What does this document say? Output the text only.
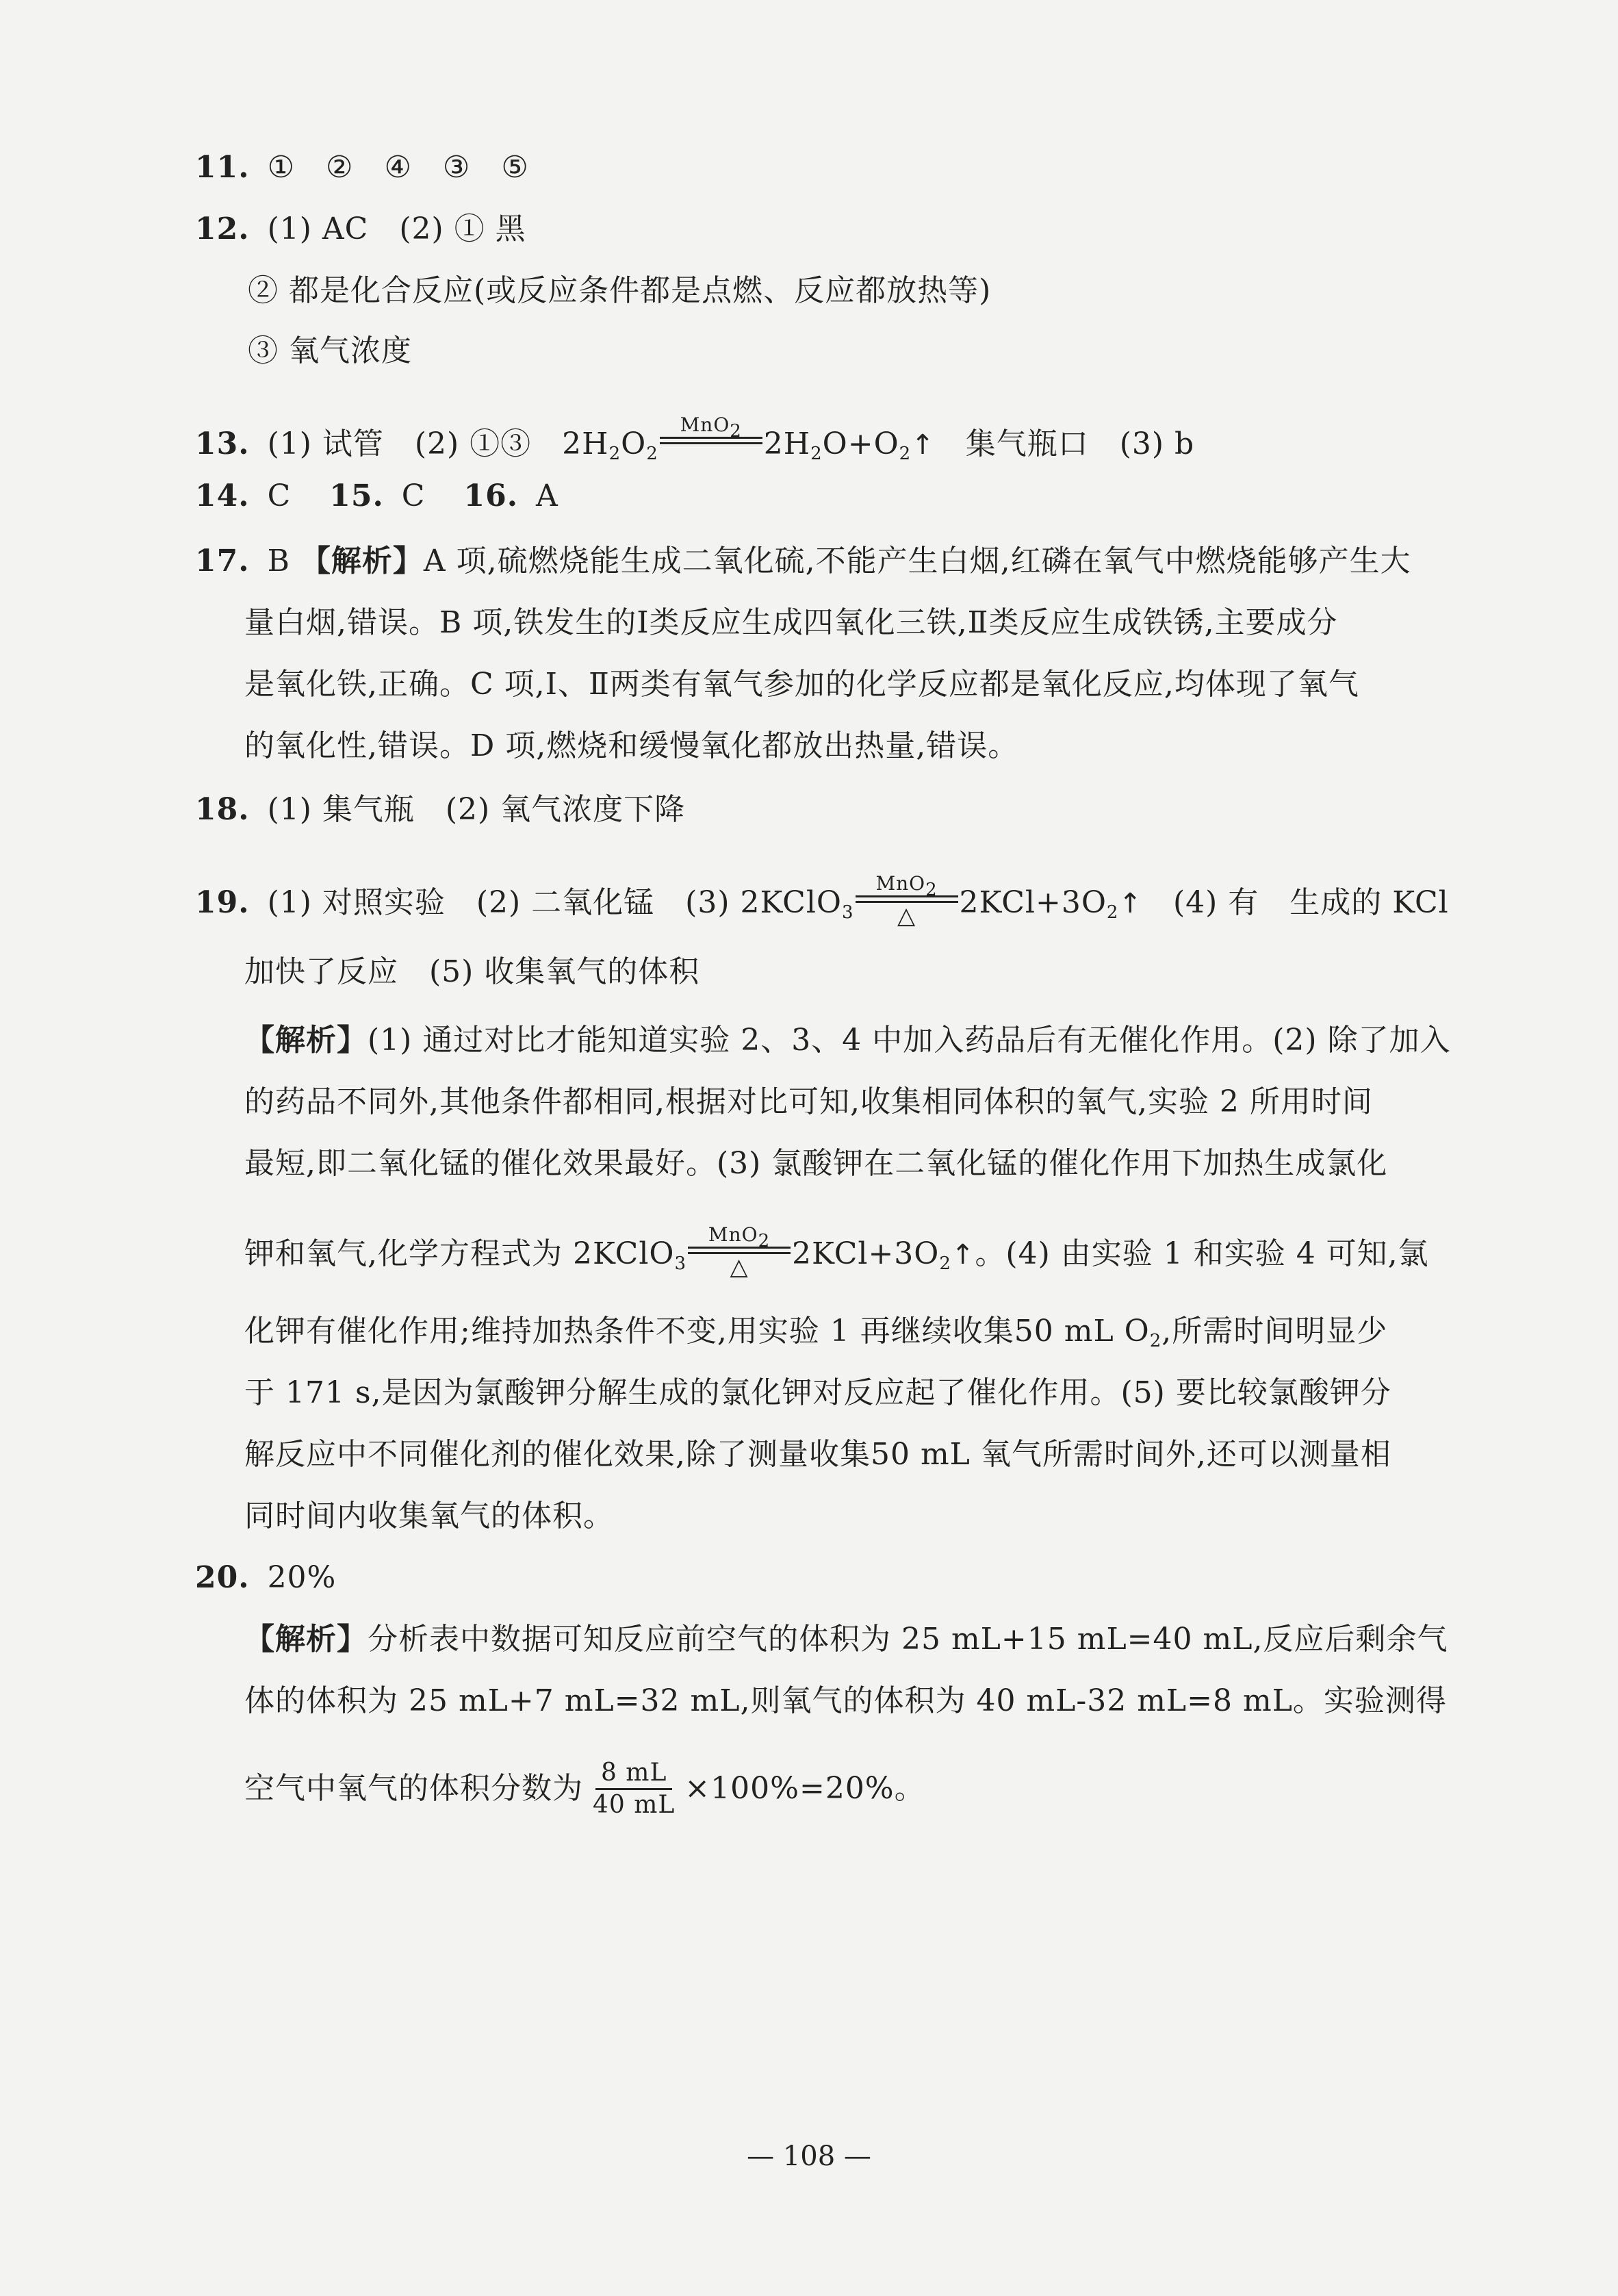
11. ①　②　④　③　⑤
12. (1) AC　(2) ① 黑
② 都是化合反应(或反应条件都是点燃、反应都放热等)
③ 氧气浓度
13. (1) 试管　(2) ①③　$2H_2O_2$
MnO$_2$ $2H_2O+O_2↑$　集气瓶口　(3) b
14. C 15. C 16. A
17. B 【解析】A 项,硫燃烧能生成二氧化硫,不能产生白烟,红磷在氧气中燃烧能够产生大
量白烟,错误。B 项,铁发生的Ⅰ类反应生成四氧化三铁,Ⅱ类反应生成铁锈,主要成分
是氧化铁,正确。C 项,Ⅰ、Ⅱ两类有氧气参加的化学反应都是氧化反应,均体现了氧气
的氧化性,错误。D 项,燃烧和缓慢氧化都放出热量,错误。
18. (1) 集气瓶　(2) 氧气浓度下降
19. (1) 对照实验　(2) 二氧化锰　(3) 2KClO$_3$
MnO$_2$
△ $2KCl+3O_2↑$　(4) 有　生成的 KCl
加快了反应　(5) 收集氧气的体积
【解析】(1) 通过对比才能知道实验 2、3、4 中加入药品后有无催化作用。(2) 除了加入
的药品不同外,其他条件都相同,根据对比可知,收集相同体积的氧气,实验 2 所用时间
最短,即二氧化锰的催化效果最好。(3) 氯酸钾在二氧化锰的催化作用下加热生成氯化
钾和氧气,化学方程式为 2KClO$_3$
MnO$_2$
△ $2KCl+3O_2↑$。(4) 由实验 1 和实验 4 可知,氯
化钾有催化作用;维持加热条件不变,用实验 1 再继续收集50 mL $O_2$,所需时间明显少
于 171 s,是因为氯酸钾分解生成的氯化钾对反应起了催化作用。(5) 要比较氯酸钾分
解反应中不同催化剂的催化效果,除了测量收集50 mL 氧气所需时间外,还可以测量相
同时间内收集氧气的体积。
20. 20%
【解析】分析表中数据可知反应前空气的体积为 25 mL+15 mL=40 mL,反应后剩余气
体的体积为 25 mL+7 mL=32 mL,则氧气的体积为 40 mL-32 mL=8 mL。实验测得
空气中氧气的体积分数为 $\frac{8 mL}{40 mL} \times 100\%=20\%$。
— 108 —
